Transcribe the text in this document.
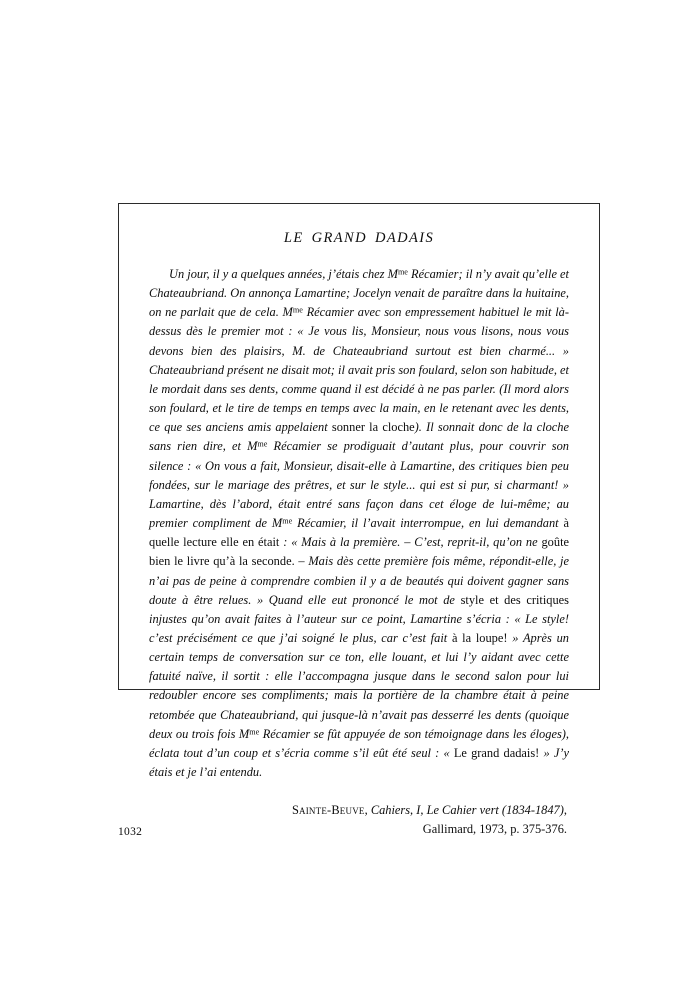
LE GRAND DADAIS

Un jour, il y a quelques années, j’étais chez $M^{me}$ Récamier; il n’y avait qu’elle et Chateaubriand. On annonça Lamartine; Jocelyn venait de paraître dans la huitaine, on ne parlait que de cela. $M^{me}$ Récamier avec son empressement habituel le mit là-dessus dès le premier mot : « Je vous lis, Monsieur, nous vous lisons, nous vous devons bien des plaisirs, M. de Chateaubriand surtout est bien charmé... » Chateaubriand présent ne disait mot; il avait pris son foulard, selon son habitude, et le mordait dans ses dents, comme quand il est décidé à ne pas parler. (Il mord alors son foulard, et le tire de temps en temps avec la main, en le retenant avec les dents, ce que ses anciens amis appelaient sonner la cloche). Il sonnait donc de la cloche sans rien dire, et $M^{me}$ Récamier se prodiguait d’autant plus, pour couvrir son silence : « On vous a fait, Monsieur, disait-elle à Lamartine, des critiques bien peu fondées, sur le mariage des prêtres, et sur le style... qui est si pur, si charmant! » Lamartine, dès l’abord, était entré sans façon dans cet éloge de lui-même; au premier compliment de $M^{me}$ Récamier, il l’avait interrompue, en lui demandant à quelle lecture elle en était : « Mais à la première. – C’est, reprit-il, qu’on ne goûte bien le livre qu’à la seconde. – Mais dès cette première fois même, répondit-elle, je n’ai pas de peine à comprendre combien il y a de beautés qui doivent gagner sans doute à être relues. » Quand elle eut prononcé le mot de style et des critiques injustes qu’on avait faites à l’auteur sur ce point, Lamartine s’écria : « Le style! c’est précisément ce que j’ai soigné le plus, car c’est fait à la loupe! » Après un certain temps de conversation sur ce ton, elle louant, et lui l’y aidant avec cette fatuité naïve, il sortit : elle l’accompagna jusque dans le second salon pour lui redoubler encore ses compliments; mais la portière de la chambre était à peine retombée que Chateaubriand, qui jusque-là n’avait pas desserré les dents (quoique deux ou trois fois $M^{me}$ Récamier se fût appuyée de son témoignage dans les éloges), éclata tout d’un coup et s’écria comme s’il eût été seul : « Le grand dadais! » J’y étais et je l’ai entendu.

Sainte-Beuve, Cahiers, I, Le Cahier vert (1834-1847),
Gallimard, 1973, p. 375-376.
1032
